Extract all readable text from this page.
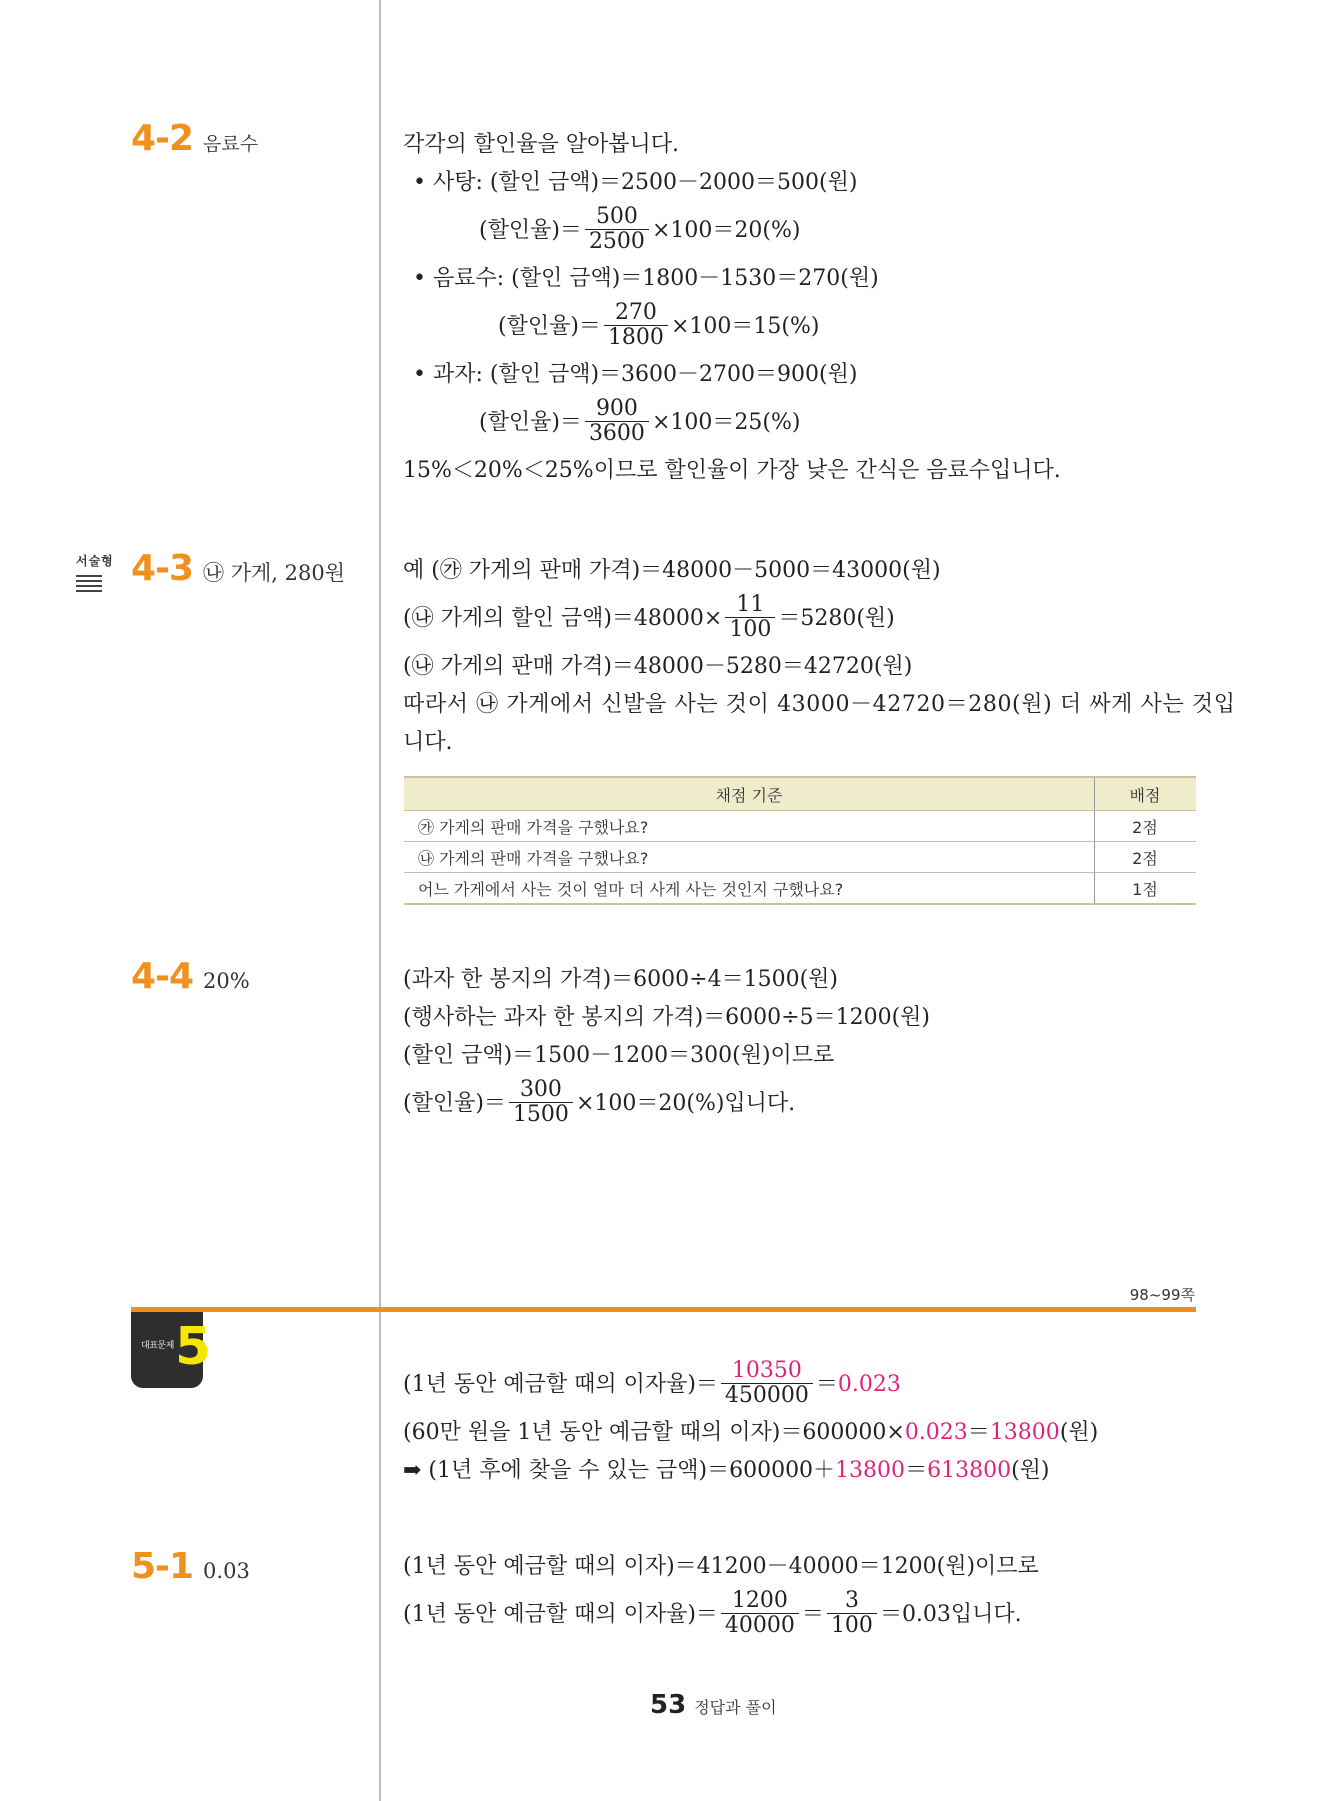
4-2 음료수	각각의 할인율을 알아봅니다.
• 사탕: (할인 금액)＝2500－2000＝500(원)
(할인율)＝ $\frac{500}{2500} \times 100=20(\%)$
• 음료수: (할인 금액)＝1800－1530＝270(원)
(할인율)＝ $\frac{270}{1800} \times 100=15(\%)$
• 과자: (할인 금액)＝3600－2700＝900(원)
(할인율)＝ $\frac{900}{3600} \times 100=25(\%)$
15%＜20%＜25%이므로 할인율이 가장 낮은 간식은 음료수입니다.
서술형 4-3 ㉯ 가게, 280원	예 (㉮ 가게의 판매 가격)＝48000－5000＝43000(원)
(㉯ 가게의 할인 금액)$=48000\times \frac{11}{100} =5280$(원)
(㉯ 가게의 판매 가격)＝48000－5280＝42720(원)
따라서 ㉯ 가게에서 신발을 사는 것이 43000－42720＝280(원) 더 싸게 사는 것입
니다.
채점 기준	배점
㉮ 가게의 판매 가격을 구했나요?	2점
㉯ 가게의 판매 가격을 구했나요?	2점
어느 가게에서 사는 것이 얼마 더 사게 사는 것인지 구했나요?	1점
4-4 20%	(과자 한 봉지의 가격)＝6000÷4＝1500(원)
(행사하는 과자 한 봉지의 가격)＝6000÷5＝1200(원)
(할인 금액)＝1500－1200＝300(원)이므로
(할인율)＝ $\frac{300}{1500} \times 100=20(\%)$입니다.
98~99쪽
대표문제 5
(1년 동안 예금할 때의 이자율)＝ $\frac{10350}{450000} =0.023$
(60만 원을 1년 동안 예금할 때의 이자)＝600000×0.023＝13800(원)
➡ (1년 후에 찾을 수 있는 금액)＝600000＋13800＝613800(원)
5-1 0.03	(1년 동안 예금할 때의 이자)＝41200－40000＝1200(원)이므로
(1년 동안 예금할 때의 이자율)＝ $\frac{1200}{40000} = \frac{3}{100} =0.03$입니다.
53 정답과 풀이
